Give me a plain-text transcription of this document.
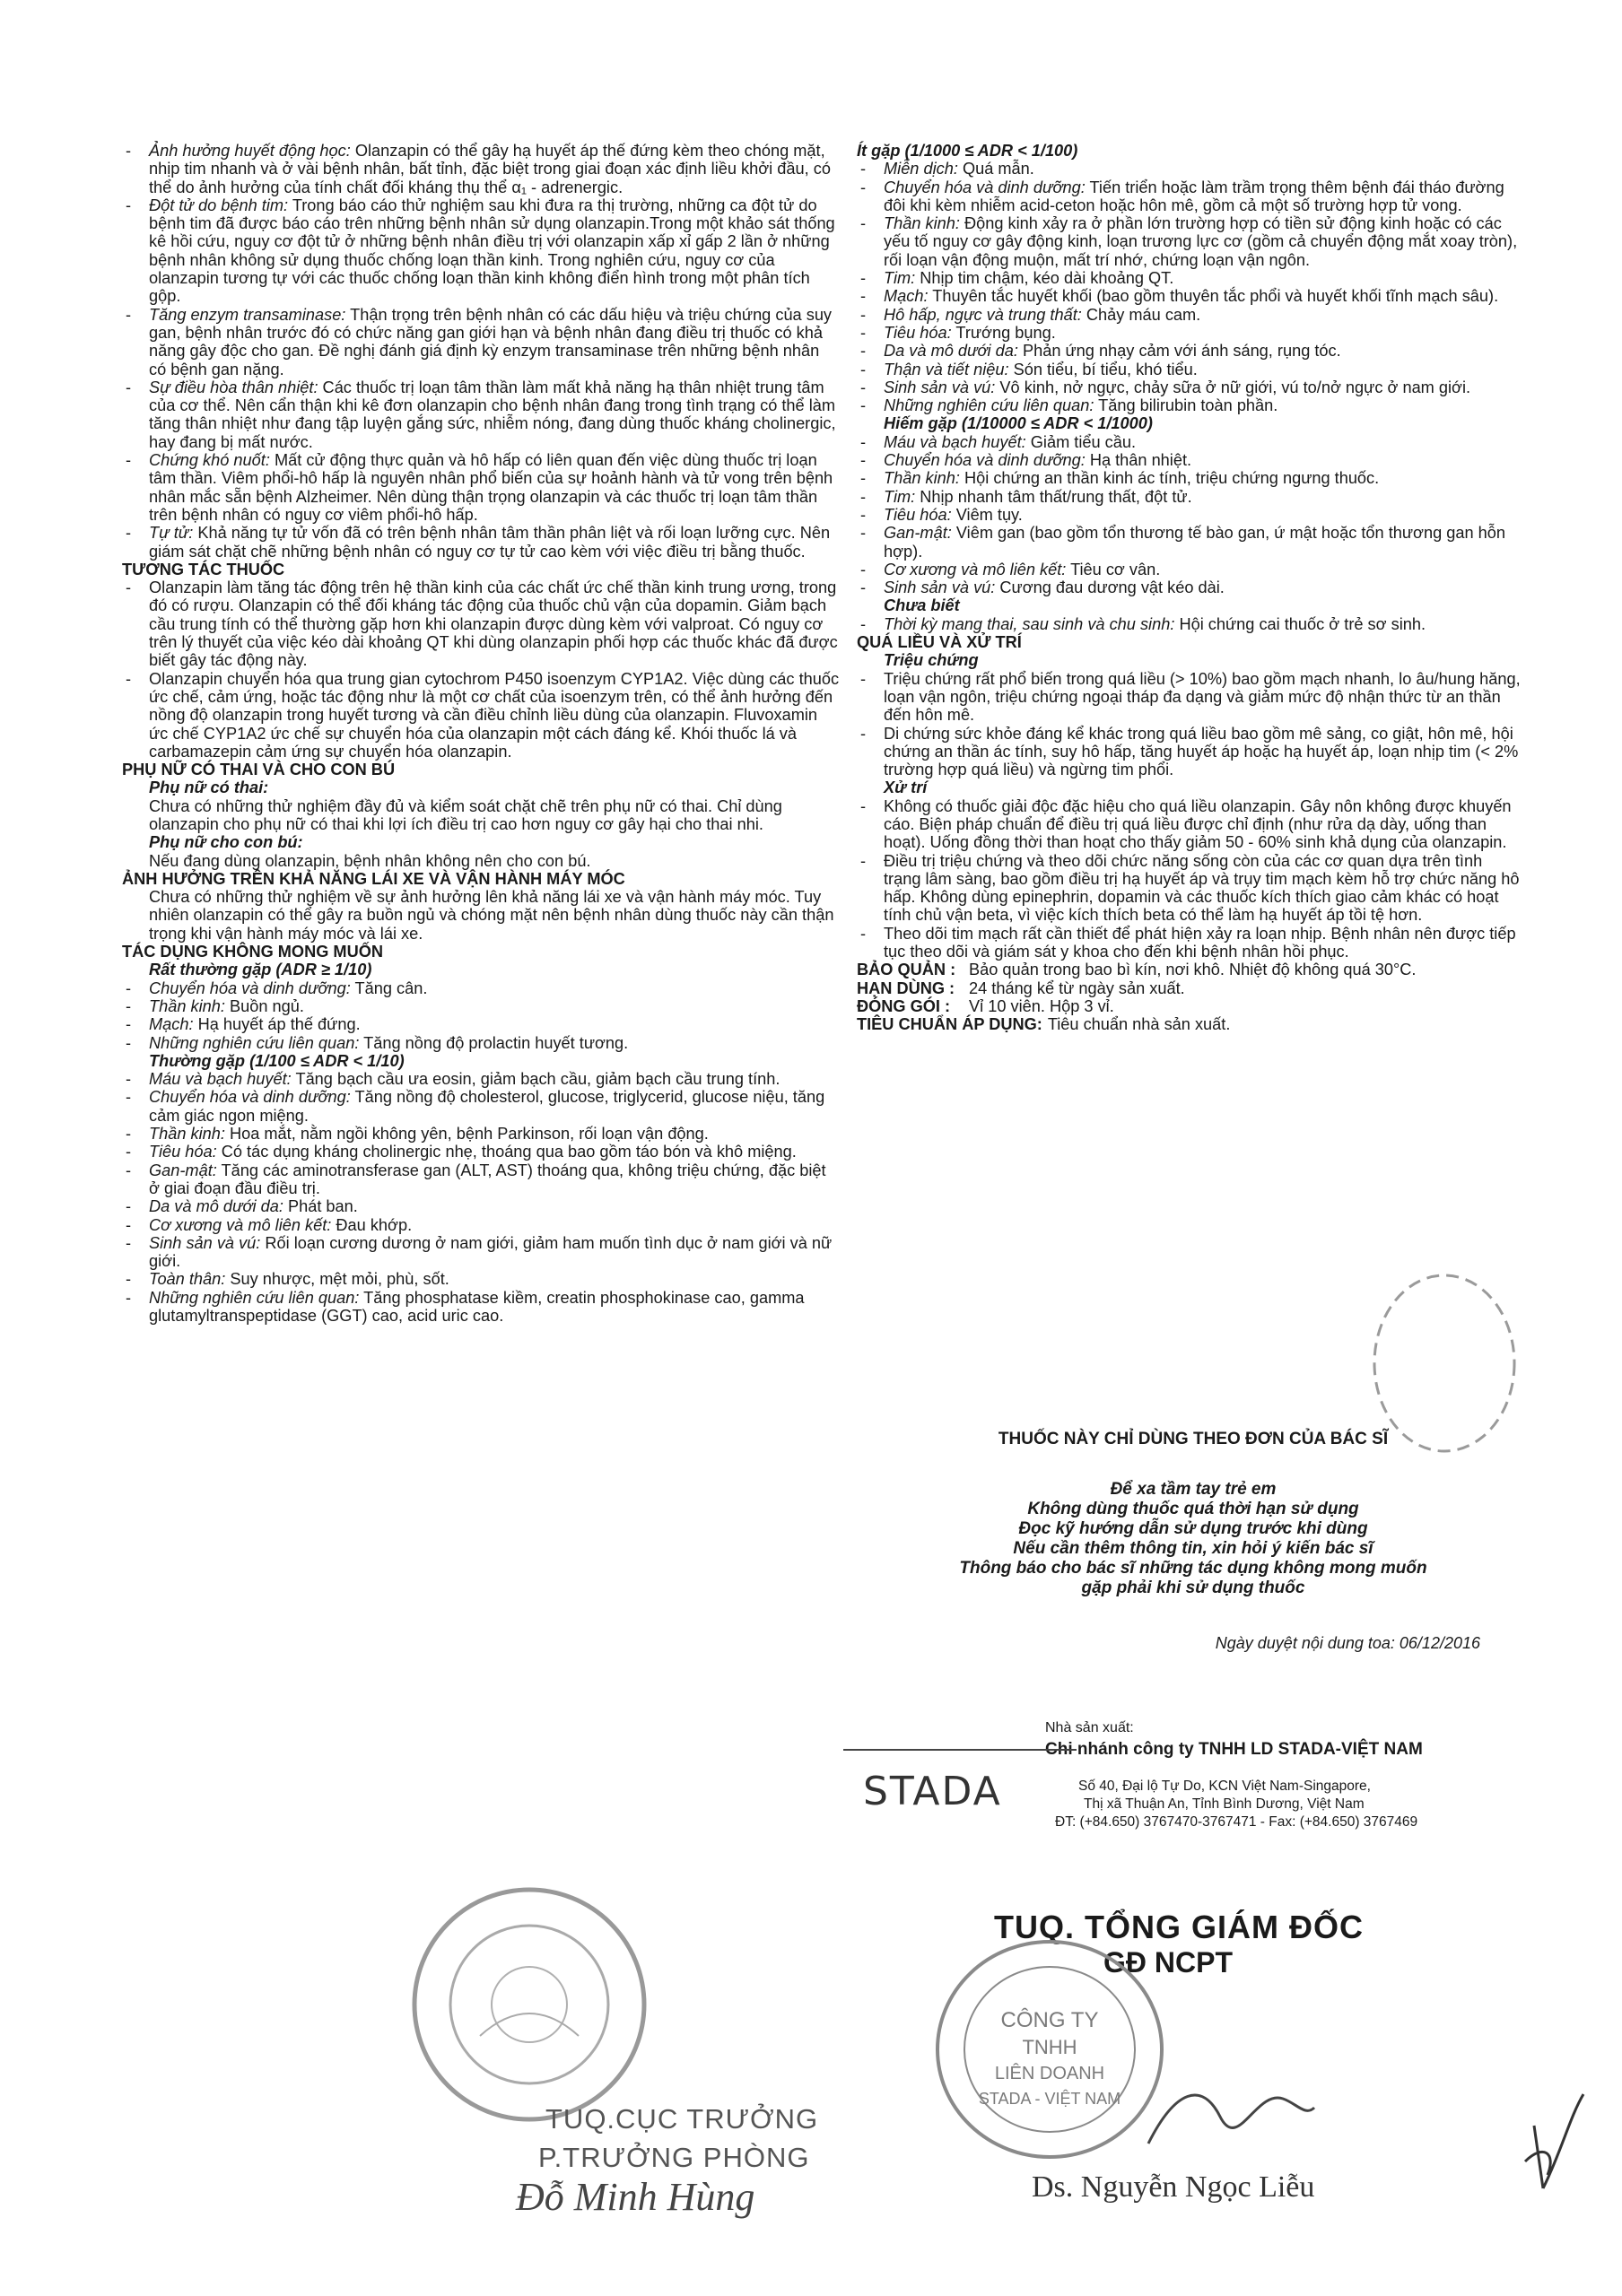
- Ảnh hưởng huyết động học: Olanzapin có thể gây hạ huyết áp thế đứng kèm theo chóng mặt, nhịp tim nhanh và ở vài bệnh nhân, bất tỉnh, đặc biệt trong giai đoạn xác định liều khởi đầu, có thể do ảnh hưởng của tính chất đối kháng thụ thể α₁ - adrenergic.

- Đột tử do bệnh tim: Trong báo cáo thử nghiệm sau khi đưa ra thị trường, những ca đột tử do bệnh tim đã được báo cáo trên những bệnh nhân sử dụng olanzapin.Trong một khảo sát thống kê hồi cứu, nguy cơ đột tử ở những bệnh nhân điều trị với olanzapin xấp xỉ gấp 2 lần ở những bệnh nhân không sử dụng thuốc chống loạn thần kinh. Trong nghiên cứu, nguy cơ của olanzapin tương tự với các thuốc chống loạn thần kinh không điển hình trong một phân tích gộp.

- Tăng enzym transaminase: Thận trọng trên bệnh nhân có các dấu hiệu và triệu chứng của suy gan, bệnh nhân trước đó có chức năng gan giới hạn và bệnh nhân đang điều trị thuốc có khả năng gây độc cho gan. Đề nghị đánh giá định kỳ enzym transaminase trên những bệnh nhân có bệnh gan nặng.

- Sự điều hòa thân nhiệt: Các thuốc trị loạn tâm thần làm mất khả năng hạ thân nhiệt trung tâm của cơ thể. Nên cẩn thận khi kê đơn olanzapin cho bệnh nhân đang trong tình trạng có thể làm tăng thân nhiệt như đang tập luyện gắng sức, nhiễm nóng, đang dùng thuốc kháng cholinergic, hay đang bị mất nước.

- Chứng khó nuốt: Mất cử động thực quản và hô hấp có liên quan đến việc dùng thuốc trị loạn tâm thần. Viêm phổi-hô hấp là nguyên nhân phổ biến của sự hoảnh hành và tử vong trên bệnh nhân mắc sẵn bệnh Alzheimer. Nên dùng thận trọng olanzapin và các thuốc trị loạn tâm thần trên bệnh nhân có nguy cơ viêm phổi-hô hấp.

- Tự tử: Khả năng tự tử vốn đã có trên bệnh nhân tâm thần phân liệt và rối loạn lưỡng cực. Nên giám sát chặt chẽ những bệnh nhân có nguy cơ tự tử cao kèm với việc điều trị bằng thuốc.

TƯƠNG TÁC THUỐC

- Olanzapin làm tăng tác động trên hệ thần kinh của các chất ức chế thần kinh trung ương, trong đó có rượu. Olanzapin có thể đối kháng tác động của thuốc chủ vận của dopamin. Giảm bạch cầu trung tính có thể thường gặp hơn khi olanzapin được dùng kèm với valproat. Có nguy cơ trên lý thuyết của việc kéo dài khoảng QT khi dùng olanzapin phối hợp các thuốc khác đã được biết gây tác động này.

- Olanzapin chuyển hóa qua trung gian cytochrom P450 isoenzym CYP1A2. Việc dùng các thuốc ức chế, cảm ứng, hoặc tác động như là một cơ chất của isoenzym trên, có thể ảnh hưởng đến nồng độ olanzapin trong huyết tương và cần điều chỉnh liều dùng của olanzapin. Fluvoxamin ức chế CYP1A2 ức chế sự chuyển hóa của olanzapin một cách đáng kể. Khói thuốc lá và carbamazepin cảm ứng sự chuyển hóa olanzapin.

PHỤ NỮ CÓ THAI VÀ CHO CON BÚ

Phụ nữ có thai:

Chưa có những thử nghiệm đầy đủ và kiểm soát chặt chẽ trên phụ nữ có thai. Chỉ dùng olanzapin cho phụ nữ có thai khi lợi ích điều trị cao hơn nguy cơ gây hại cho thai nhi.

Phụ nữ cho con bú:

Nếu đang dùng olanzapin, bệnh nhân không nên cho con bú.

ẢNH HƯỞNG TRÊN KHẢ NĂNG LÁI XE VÀ VẬN HÀNH MÁY MÓC

Chưa có những thử nghiệm về sự ảnh hưởng lên khả năng lái xe và vận hành máy móc. Tuy nhiên olanzapin có thể gây ra buồn ngủ và chóng mặt nên bệnh nhân dùng thuốc này cần thận trọng khi vận hành máy móc và lái xe.

TÁC DỤNG KHÔNG MONG MUỐN

Rất thường gặp (ADR ≥ 1/10)

- Chuyển hóa và dinh dưỡng: Tăng cân.

- Thần kinh: Buồn ngủ.

- Mạch: Hạ huyết áp thế đứng.

- Những nghiên cứu liên quan: Tăng nồng độ prolactin huyết tương.

Thường gặp (1/100 ≤ ADR < 1/10)

- Máu và bạch huyết: Tăng bạch cầu ưa eosin, giảm bạch cầu, giảm bạch cầu trung tính.

- Chuyển hóa và dinh dưỡng: Tăng nồng độ cholesterol, glucose, triglycerid, glucose niệu, tăng cảm giác ngon miệng.

- Thần kinh: Hoa mắt, nằm ngồi không yên, bệnh Parkinson, rối loạn vận động.

- Tiêu hóa: Có tác dụng kháng cholinergic nhẹ, thoáng qua bao gồm táo bón và khô miệng.

- Gan-mật: Tăng các aminotransferase gan (ALT, AST) thoáng qua, không triệu chứng, đặc biệt ở giai đoạn đầu điều trị.

- Da và mô dưới da: Phát ban.

- Cơ xương và mô liên kết: Đau khớp.

- Sinh sản và vú: Rối loạn cương dương ở nam giới, giảm ham muốn tình dục ở nam giới và nữ giới.

- Toàn thân: Suy nhược, mệt mỏi, phù, sốt.

- Những nghiên cứu liên quan: Tăng phosphatase kiềm, creatin phosphokinase cao, gamma glutamyltranspeptidase (GGT) cao, acid uric cao.

Ít gặp (1/1000 ≤ ADR < 1/100)

- Miễn dịch: Quá mẫn.

- Chuyển hóa và dinh dưỡng: Tiến triển hoặc làm trầm trọng thêm bệnh đái tháo đường đôi khi kèm nhiễm acid-ceton hoặc hôn mê, gồm cả một số trường hợp tử vong.

- Thần kinh: Động kinh xảy ra ở phần lớn trường hợp có tiền sử động kinh hoặc có các yếu tố nguy cơ gây động kinh, loạn trương lực cơ (gồm cả chuyển động mắt xoay tròn), rối loạn vận động muộn, mất trí nhớ, chứng loạn vận ngôn.

- Tim: Nhịp tim chậm, kéo dài khoảng QT.

- Mạch: Thuyên tắc huyết khối (bao gồm thuyên tắc phổi và huyết khối tĩnh mạch sâu).

- Hô hấp, ngực và trung thất: Chảy máu cam.

- Tiêu hóa: Trướng bụng.

- Da và mô dưới da: Phản ứng nhạy cảm với ánh sáng, rụng tóc.

- Thận và tiết niệu: Són tiểu, bí tiểu, khó tiểu.

- Sinh sản và vú: Vô kinh, nở ngực, chảy sữa ở nữ giới, vú to/nở ngực ở nam giới.

- Những nghiên cứu liên quan: Tăng bilirubin toàn phần.

Hiếm gặp (1/10000 ≤ ADR < 1/1000)

- Máu và bạch huyết: Giảm tiểu cầu.

- Chuyển hóa và dinh dưỡng: Hạ thân nhiệt.

- Thần kinh: Hội chứng an thần kinh ác tính, triệu chứng ngưng thuốc.

- Tim: Nhịp nhanh tâm thất/rung thất, đột tử.

- Tiêu hóa: Viêm tụy.

- Gan-mật: Viêm gan (bao gồm tổn thương tế bào gan, ứ mật hoặc tổn thương gan hỗn hợp).

- Cơ xương và mô liên kết: Tiêu cơ vân.

- Sinh sản và vú: Cương đau dương vật kéo dài.

Chưa biết

- Thời kỳ mang thai, sau sinh và chu sinh: Hội chứng cai thuốc ở trẻ sơ sinh.

QUÁ LIỀU VÀ XỬ TRÍ

Triệu chứng

- Triệu chứng rất phổ biến trong quá liều (> 10%) bao gồm mạch nhanh, lo âu/hung hăng, loạn vận ngôn, triệu chứng ngoại tháp đa dạng và giảm mức độ nhận thức từ an thần đến hôn mê.

- Di chứng sức khỏe đáng kể khác trong quá liều bao gồm mê sảng, co giật, hôn mê, hội chứng an thần ác tính, suy hô hấp, tăng huyết áp hoặc hạ huyết áp, loạn nhịp tim (< 2% trường hợp quá liều) và ngừng tim phổi.

Xử trí

- Không có thuốc giải độc đặc hiệu cho quá liều olanzapin. Gây nôn không được khuyến cáo. Biện pháp chuẩn để điều trị quá liều được chỉ định (như rửa dạ dày, uống than hoạt). Uống đồng thời than hoạt cho thấy giảm 50 - 60% sinh khả dụng của olanzapin.

- Điều trị triệu chứng và theo dõi chức năng sống còn của các cơ quan dựa trên tình trạng lâm sàng, bao gồm điều trị hạ huyết áp và trụy tim mạch kèm hỗ trợ chức năng hô hấp. Không dùng epinephrin, dopamin và các thuốc kích thích giao cảm khác có hoạt tính chủ vận beta, vì việc kích thích beta có thể làm hạ huyết áp tồi tệ hơn.

- Theo dõi tim mạch rất cần thiết để phát hiện xảy ra loạn nhịp. Bệnh nhân nên được tiếp tục theo dõi và giám sát y khoa cho đến khi bệnh nhân hồi phục.

BẢO QUẢN : Bảo quản trong bao bì kín, nơi khô. Nhiệt độ không quá 30°C.

HẠN DÙNG : 24 tháng kể từ ngày sản xuất.

ĐÓNG GÓI :	Vỉ 10 viên. Hộp 3 vỉ.

TIÊU CHUẨN ÁP DỤNG: Tiêu chuẩn nhà sản xuất.

THUỐC NÀY CHỈ DÙNG THEO ĐƠN CỦA BÁC SĨ
Để xa tầm tay trẻ em
Không dùng thuốc quá thời hạn sử dụng
Đọc kỹ hướng dẫn sử dụng trước khi dùng
Nếu cần thêm thông tin, xin hỏi ý kiến bác sĩ
Thông báo cho bác sĩ những tác dụng không mong muốn
gặp phải khi sử dụng thuốc
Ngày duyệt nội dung toa: 06/12/2016
Nhà sản xuất:
Chi nhánh công ty TNHH LD STADA-VIỆT NAM
STADA	Số 40, Đại lộ Tự Do, KCN Việt Nam-Singapore,
Thị xã Thuận An, Tỉnh Bình Dương, Việt Nam
ĐT: (+84.650) 3767470-3767471 - Fax: (+84.650) 3767469
TUQ.CỤC TRƯỞNG
P.TRƯỞNG PHÒNG
Đỗ Minh Hùng
TUQ. TỔNG GIÁM ĐỐC
GĐ NCPT
CÔNG TY
TNHH
LIÊN DOANH
STADA - VIỆT NAM
Ds. Nguyễn Ngọc Liễu
